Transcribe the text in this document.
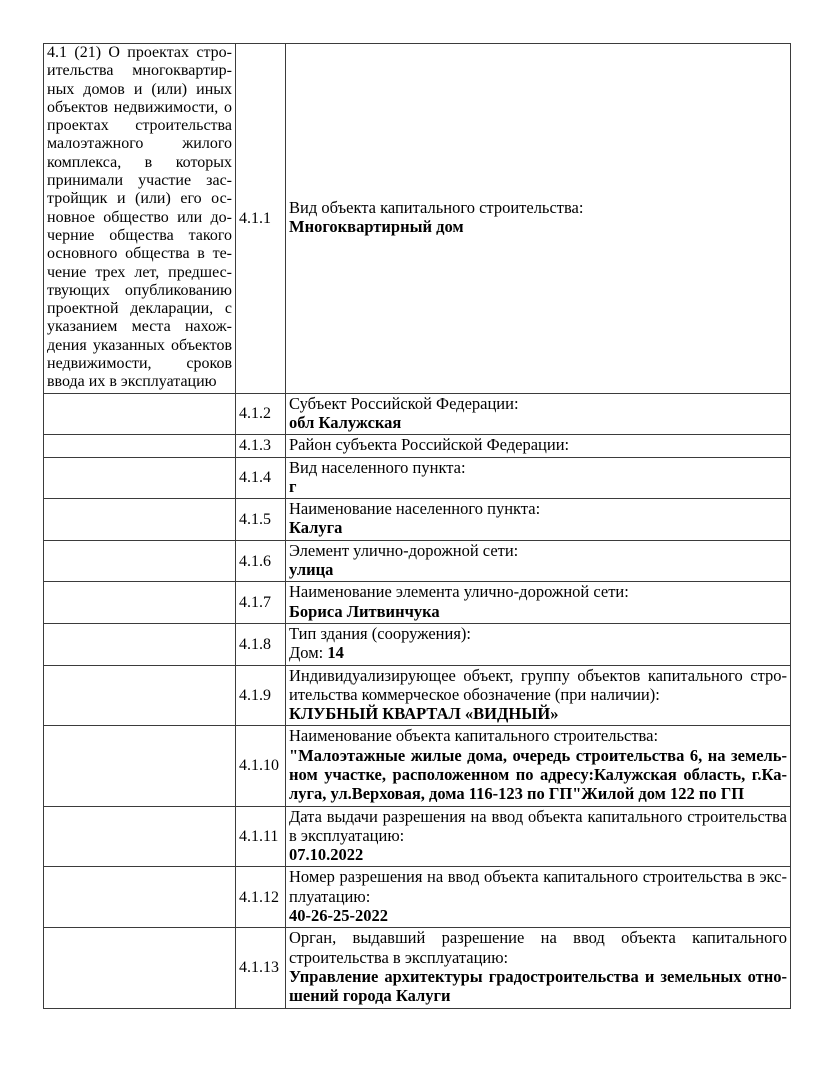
4.1 (21) О проектах строительства многоквартирных домов и (или) иных объектов недвижимости, о проектах строительства малоэтажного жилого комплекса, в которых принимали участие застройщик и (или) его основное общество или дочерние общества такого основного общества в течение трех лет, предшествующих опубликованию проектной декларации, с указанием места нахождения указанных объектов недвижимости, сроков ввода их в эксплуатацию	4.1.1	Вид объекта капитального строительства:
Многоквартирный дом

	4.1.2	Субъект Российской Федерации:
обл Калужская

	4.1.3	Район субъекта Российской Федерации:

	4.1.4	Вид населенного пункта:
г

	4.1.5	Наименование населенного пункта:
Калуга

	4.1.6	Элемент улично-дорожной сети:
улица

	4.1.7	Наименование элемента улично-дорожной сети:
Бориса Литвинчука

	4.1.8	Тип здания (сооружения):
Дом: 14

	4.1.9	Индивидуализирующее объект, группу объектов капитального строительства коммерческое обозначение (при наличии):
КЛУБНЫЙ КВАРТАЛ «ВИДНЫЙ»

	4.1.10	Наименование объекта капитального строительства:
"Малоэтажные жилые дома, очередь строительства 6, на земельном участке, расположенном по адресу:Калужская область, г.Калуга, ул.Верховая, дома 116-123 по ГП"Жилой дом 122 по ГП

	4.1.11	Дата выдачи разрешения на ввод объекта капитального строительства в эксплуатацию:
07.10.2022

	4.1.12	Номер разрешения на ввод объекта капитального строительства в эксплуатацию:
40-26-25-2022

	4.1.13	Орган, выдавший разрешение на ввод объекта капитального строительства в эксплуатацию:
Управление архитектуры градостроительства и земельных отношений города Калуги
